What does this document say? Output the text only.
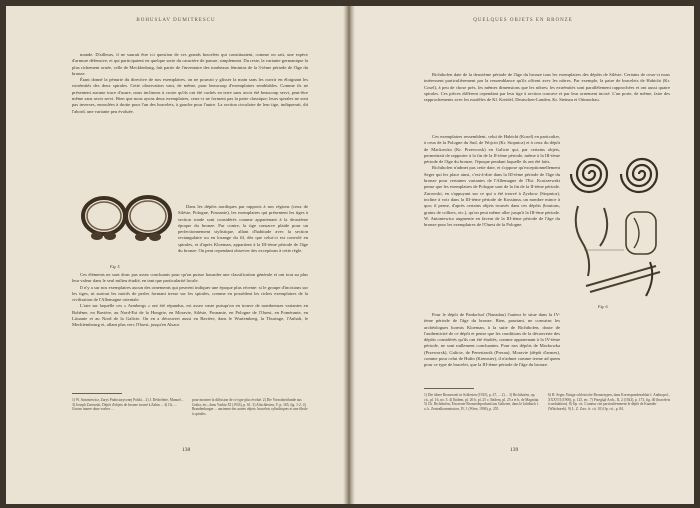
BOHUSLAV DUMITRESCU

mande. D'ailleurs, il ne saurait être ici question de ces grands bracelets qui constituaient, comme on sait, une espèce d'armure défensive, et qui participaient en quelque sorte du caractère de parure, simplement. Du reste, la variante germanique la plus richement ornée, celle de Mecklenburg, fait partie de l'inventaire des tombeaux féminins de la 3-ième période de l'âge du bronze.

Étant donné la pénurie du directive de nos exemplaires, on ne pouvait y glisser la main sans les ouvrir en éloignant les extrémités des deux spirales. Cette observation vaut, de même, pour beaucoup d'exemplaires semblables. Comme ils ne présentent aucune trace d'usure, nous inclinons à croire qu'ils ont été cachés en terre sans avoir été beaucoup servi, peut-être même sans avoir servi. Bien que nous ayons deux exemplaires, ceux-ci ne forment pas la paire classique; leurs spirales ne sont pas inverses, enroulées à droite pour l'un des bracelets, à gauche pour l'autre. La section circulaire de leur tige, indiquerait, dit l'abord, une variante peu évoluée.

Dans les dépôts nordiques par rapports à nos régions (ceux de Silésie, Pologne, Posnanie), les exemplaires qui présentent les tiges à section ronde sont considérés comme appartenant à la deuxième époque du bronze. Par contre, la tige consacre plaide pour un perfectionnement stylistique, allant d'habitude avec la section rectangulaire ou en losange du fil, dès que celui-ci est convolé en spirales, et d'après Kloeman, appartient à la III-ième période de l'âge du bronze. On peut cependant observer des exceptions à cette règle.

Fig. 5.

Ces éléments ne sont donc pas assez concluants pour qu'on puisse hasarder une classification générale et ont tout au plus leur valeur dans le seul milieu étudié, en tant que particularité locale.

Il n'y a sur nos exemplaires aucun des ornements qui peuvent indiquer une époque plus récente: si le groupe d'incisions sur les tiges, ni surtout les motifs de perles formant tresse sur les spirales, comme en possèdent les riches exemplaires de la civilisation de l'Allemagne orientale.

L'aire sur laquelle ces « Armbergs » ont été répandus, est assez vaste puisqu'on en trouve de nombreuses variantes en Bohême, en Bavière, au Nord-Est de la Hongrie, en Moravie, Silésie, Posnanie, en Pologne de l'Ouest, en Poméranie, en Lituanie et au Nord de la Galicie. On en a découvert aussi en Bavière, dans le Wurtemberg, la Thuringe, l'Anhalt, le Mecklembourg et, allant plus vers l'Ouest, jusqu'en Alsace.

1) W. Antoniewicz, Zarys Prahistorycznej Polski... 2) J. Déchelette, Manuel... 3) Joseph Zurowski, Dépôt d'objets de bronze trouvé à Zabin ... 4) Ch. ... Grosse innere ohne vorher ...
pour montrer la diffusion de ce type plus évolué. 2) Die Vorrodzeitfunde aus Gotha, etc., dans Vasbia XI (1933), p. 61. 3) Altschlesien, V, p. 165, fig. 1-2. 4) Brandenburger ... ancienne des autres objets: bracelets cylindriques et une fibule à spirales.
138
QUELQUES OBJETS EN BRONZE

Richthofen date de la deuxième période de l'âge du bronze tous les exemplaires des dépôts de Silésie. Certains de ceux-ci nous intéressent particulièrement par la ressemblance qu'ils offrent avec les nôtres. Par exemple, la paire de bracelets de Habicht (Kr. Cosel), à peu de chose près, les mêmes dimensions que les nôtres; les extrémités sont parallèlement rapprochées et ont aussi quatre spirales. Ces pièces diffèrent cependant par leur tige à section concave et par leur ornement incisé. L'un porte, de même, faire des rapprochements avec les modèles de Kl. Kreidel, Deutschen-Landen, Kr. Steinau et Ottmachau.

Ces exemplaires ressemblent, celui de Habicht (Kosel) en particulier, à ceux de la Pologne du Sud, de Wojcin (Kr. Stopnica) et à ceux du dépôt de Mackowka (Kr. Przeworsk) en Galicie qui, par certains objets, permettrait de rapporter à la fin de la II-ième période, même à la III-ième période de l'âge du bronze, l'époque pendant laquelle ils ont été faits.

Richthofen n'admet pas cette date, et s'oppose qu'exceptionnellement Seger qui les place ainsi, c'est-à-dire dans la III-ième période de l'âge du bronze pour certaines variantes de l'Allemagne de l'Est. Kostrzewski pense que les exemplaires de Pologne sont de la fin de la II-ième période. Zurowski, en s'appuyant sur ce qui a été trouvé à Zyzkow (Stopnica), incline à voir dans la III-ième période de Kossinna, un nombre mince à quo; il pense, d'après certains objets trouvés dans ces dépôts (boutons, grains de colliers, etc.), qu'on peut même aller jusqu'à la III-ème période. W. Antoniewicz augmente en faveur de la III-ième période de l'âge du bronze pour les exemplaires de l'Ouest de la Pologne.

Pour le dépôt de Pankofsof (Nanzdau) l'auteur le situe dans la IV-ième période de l'âge du bronze. Rien, pourtant, ne convainc les archéologues hormis Kloeman, à la suite de Richthofen, doute de l'authenticité de ce dépôt et pense que les conditions de la découverte des dépôts considérés qu'ils ont été étudiés, comme appartenant à la IV-ième période, ne sont nullement concluantes. Pour nos dépôts de Mackowka (Przeworsk), Galicie, de Penestawik (Prerau), Moravie (dépôt d'armes), comme pour celui de Hulin (Kremsier), il n'admet comme terme ad quem pour ce type de bracelet, que la III-ième période de l'âge du bronze.

Fig. 6.
1) Die ältere Bronzezeit in Schlesien (1925), p. 47, ... 2) ... 3) Richthofen, op. cit., pl. 16, no. 5. 4) Ibidem, pl. 26 b, pl. 25 c; Ibidem, pl. 25 a et b, de Magnitia. 5) Ch. Richthofen, Ein neuer Bronzedepotfund aus Galizien, dans le Jahrbuch f. a. k. Zentralkommission, IV, 1 (Wien, 1906), p. 255.
6) H. Seger, Einige schlesische Bronzetypen, dans Korrespondenzblatt f. Anthropol., XXXVII (1906), p. 125, etc. 7) Przegląd Arch., II, 2 (1923), p. 173, fig. 40 (bracelets à ondulation). 8) Op. cit. L'auteur cite particulièrement le dépôt de Kaander (Whishorek). 9) L. Z. Zarc. fr. cit. 10) Op. cit., p. 84.
139
